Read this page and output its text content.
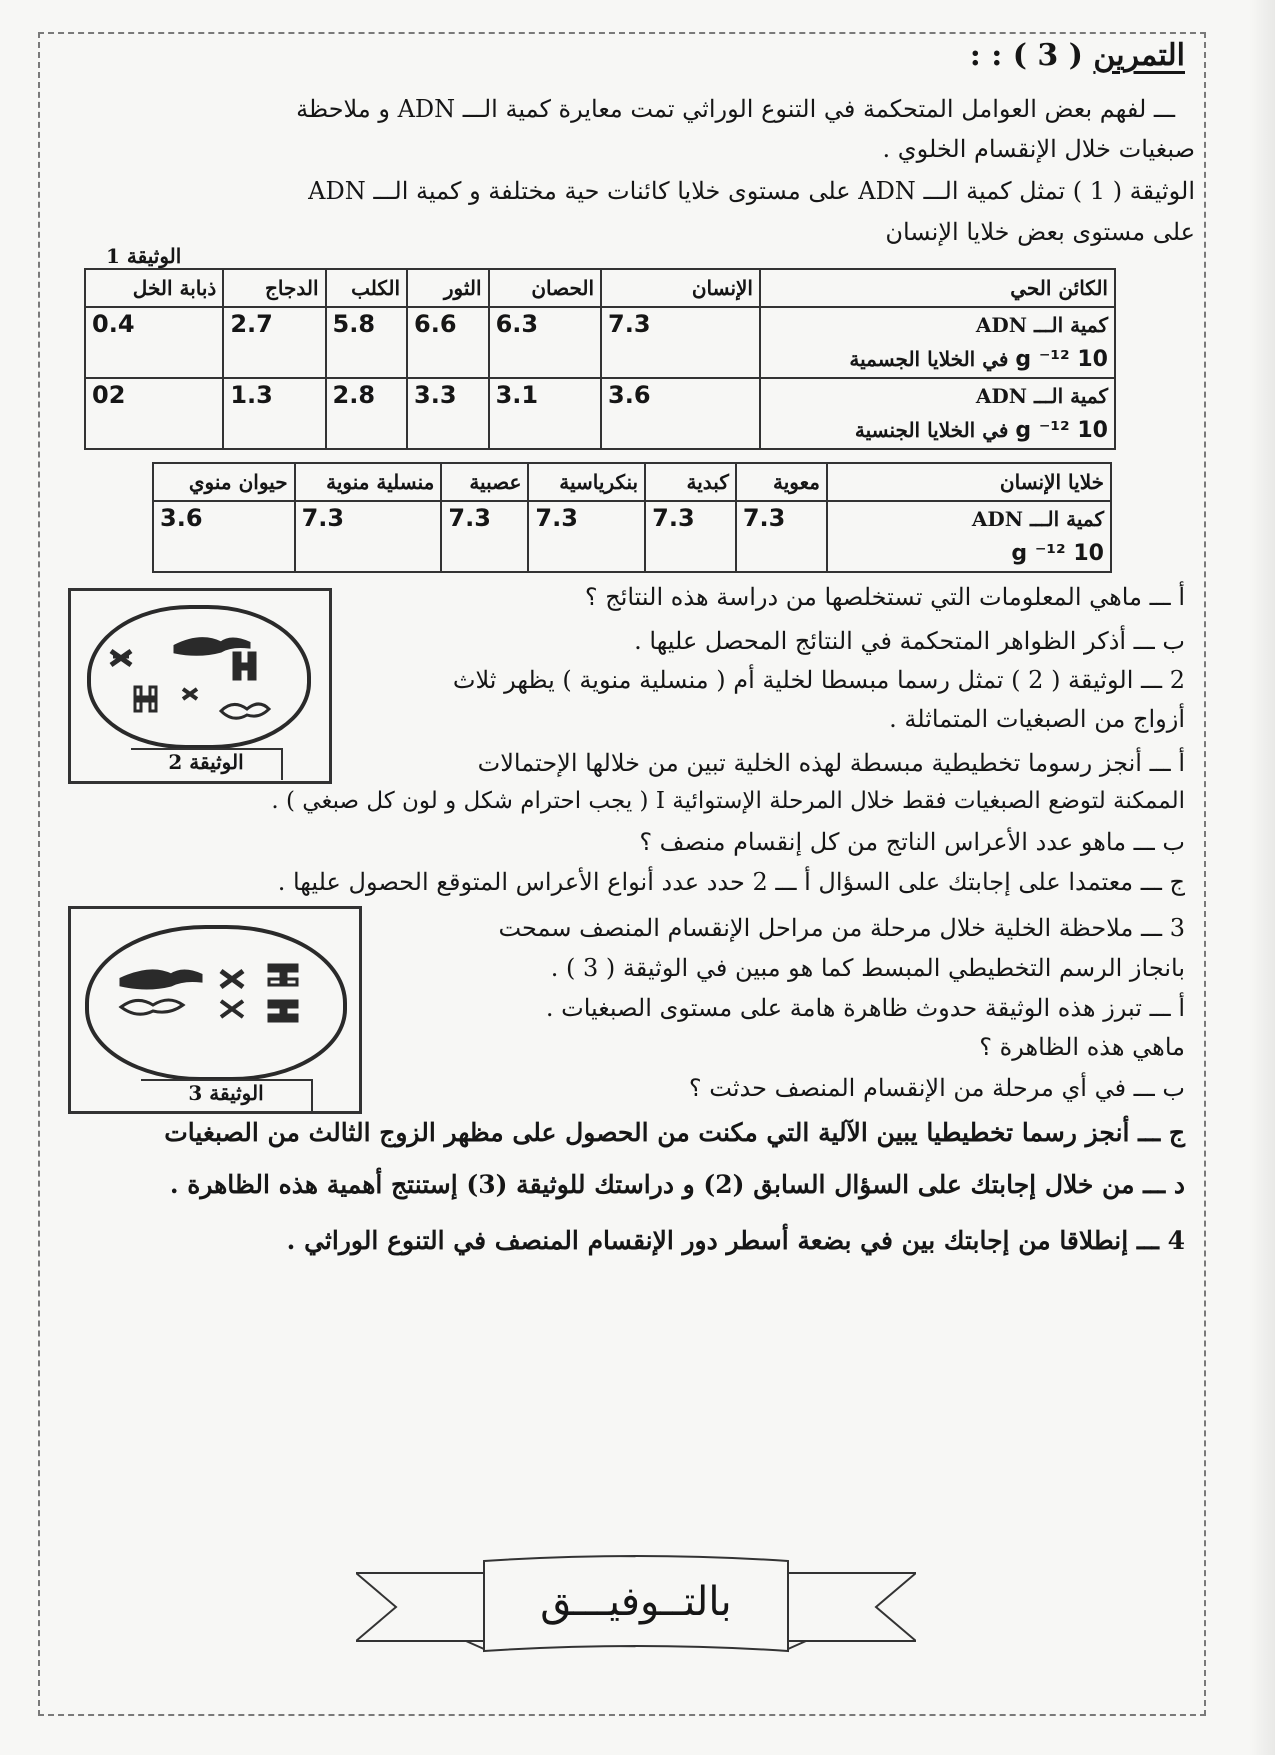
التمرين ( 3 ) : :
ـــ لفهم بعض العوامل المتحكمة في التنوع الوراثي تمت معايرة كمية الـــ ADN و ملاحظة
صبغيات خلال الإنقسام الخلوي .
الوثيقة ( 1 ) تمثل كمية الـــ ADN على مستوى خلايا كائنات حية مختلفة و كمية الـــ ADN
على مستوى بعض خلايا الإنسان
الوثيقة 1
الكائن الحي	الإنسان	الحصان	الثور	الكلب	الدجاج	ذبابة الخل

كمية الـــ ADN
10 g ⁻¹² في الخلايا الجسمية	7.3	6.3	6.6	5.8	2.7	0.4

كمية الـــ ADN
10 g ⁻¹² في الخلايا الجنسية	3.6	3.1	3.3	2.8	1.3	02
خلايا الإنسان	معوية	كبدية	بنكرياسية	عصبية	منسلية منوية	حيوان منوي

كمية الـــ ADN
10 g ⁻¹²	7.3	7.3	7.3	7.3	7.3	3.6
الوثيقة 2
الوثيقة 3
أ ـــ ماهي المعلومات التي تستخلصها من دراسة هذه النتائج ؟
ب ـــ أذكر الظواهر المتحكمة في النتائج المحصل عليها .
2 ـــ الوثيقة ( 2 ) تمثل رسما مبسطا لخلية أم ( منسلية منوية ) يظهر ثلاث
أزواج من الصبغيات المتماثلة .
أ ـــ أنجز رسوما تخطيطية مبسطة لهذه الخلية تبين من خلالها الإحتمالات
الممكنة لتوضع الصبغيات فقط خلال المرحلة الإستوائية I ( يجب احترام شكل و لون كل صبغي ) .
ب ـــ ماهو عدد الأعراس الناتج من كل إنقسام منصف ؟
ج ـــ معتمدا على إجابتك على السؤال أ ـــ 2 حدد عدد أنواع الأعراس المتوقع الحصول عليها .
3 ـــ ملاحظة الخلية خلال مرحلة من مراحل الإنقسام المنصف سمحت
بانجاز الرسم التخطيطي المبسط كما هو مبين في الوثيقة ( 3 ) .
أ ـــ تبرز هذه الوثيقة حدوث ظاهرة هامة على مستوى الصبغيات .
ماهي هذه الظاهرة ؟
ب ـــ في أي مرحلة من الإنقسام المنصف حدثت ؟
ج ـــ أنجز رسما تخطيطيا يبين الآلية التي مكنت من الحصول على مظهر الزوج الثالث من الصبغيات
د ـــ من خلال إجابتك على السؤال السابق (2) و دراستك للوثيقة (3) إستنتج أهمية هذه الظاهرة .
4 ـــ إنطلاقا من إجابتك بين في بضعة أسطر دور الإنقسام المنصف في التنوع الوراثي .
بالتــوفيـــق
